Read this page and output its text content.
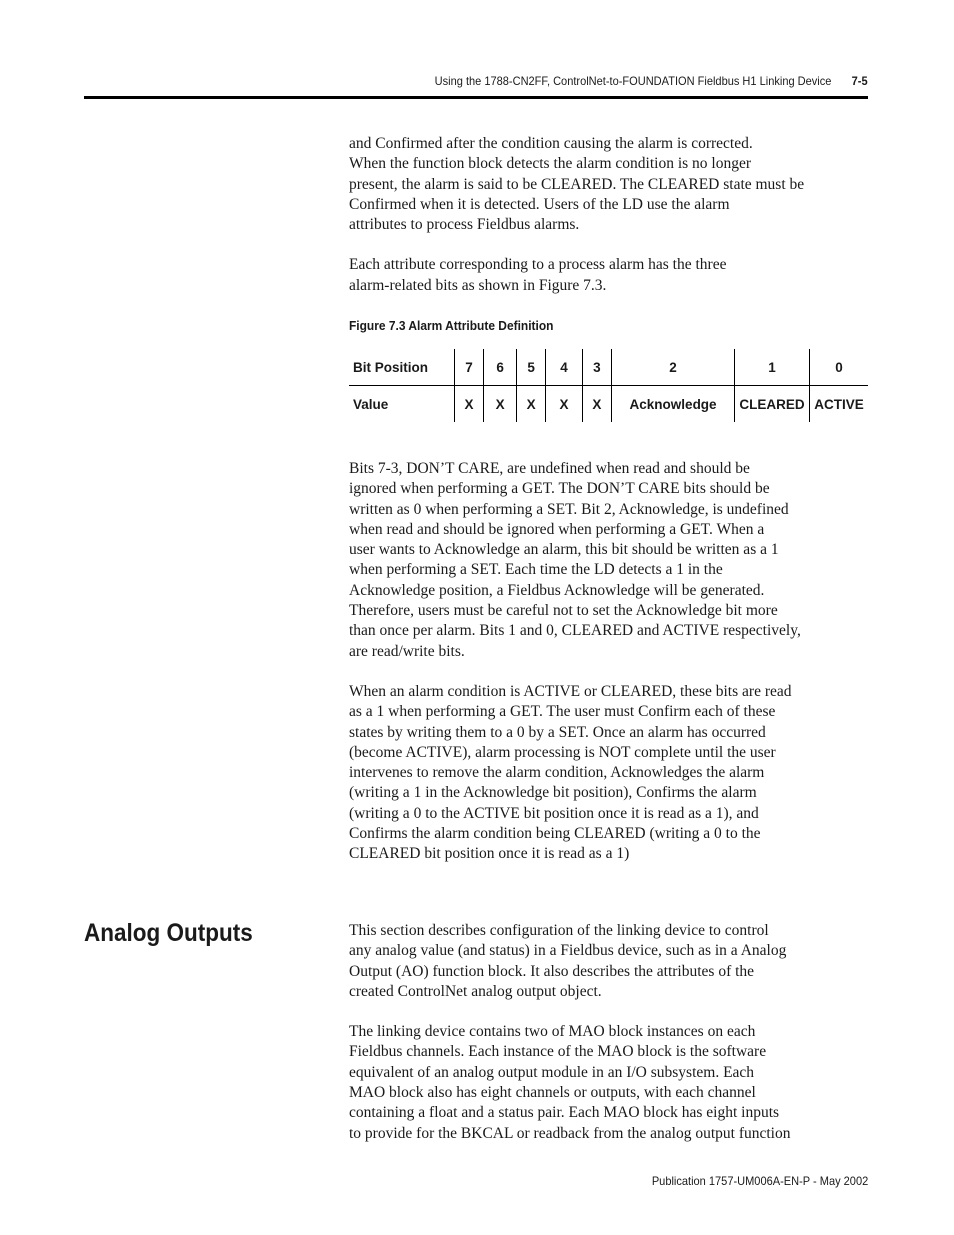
Using the 1788-CN2FF, ControlNet-to-FOUNDATION Fieldbus H1 Linking Device 7-5

and Confirmed after the condition causing the alarm is corrected.
When the function block detects the alarm condition is no longer
present, the alarm is said to be CLEARED. The CLEARED state must be
Confirmed when it is detected. Users of the LD use the alarm
attributes to process Fieldbus alarms.

Each attribute corresponding to a process alarm has the three
alarm-related bits as shown in Figure 7.3.

Figure 7.3 Alarm Attribute Definition
Bit Position	7	6	5	4	3	2	1	0
Value	X	X	X	X	X	Acknowledge	CLEARED	ACTIVE

Bits 7-3, DON’T CARE, are undefined when read and should be
ignored when performing a GET. The DON’T CARE bits should be
written as 0 when performing a SET. Bit 2, Acknowledge, is undefined
when read and should be ignored when performing a GET. When a
user wants to Acknowledge an alarm, this bit should be written as a 1
when performing a SET. Each time the LD detects a 1 in the
Acknowledge position, a Fieldbus Acknowledge will be generated.
Therefore, users must be careful not to set the Acknowledge bit more
than once per alarm. Bits 1 and 0, CLEARED and ACTIVE respectively,
are read/write bits.

When an alarm condition is ACTIVE or CLEARED, these bits are read
as a 1 when performing a GET. The user must Confirm each of these
states by writing them to a 0 by a SET. Once an alarm has occurred
(become ACTIVE), alarm processing is NOT complete until the user
intervenes to remove the alarm condition, Acknowledges the alarm
(writing a 1 in the Acknowledge bit position), Confirms the alarm
(writing a 0 to the ACTIVE bit position once it is read as a 1), and
Confirms the alarm condition being CLEARED (writing a 0 to the
CLEARED bit position once it is read as a 1)

Analog Outputs	This section describes configuration of the linking device to control
any analog value (and status) in a Fieldbus device, such as in a Analog
Output (AO) function block. It also describes the attributes of the
created ControlNet analog output object.

The linking device contains two of MAO block instances on each
Fieldbus channels. Each instance of the MAO block is the software
equivalent of an analog output module in an I/O subsystem. Each
MAO block also has eight channels or outputs, with each channel
containing a float and a status pair. Each MAO block has eight inputs
to provide for the BKCAL or readback from the analog output function

Publication 1757-UM006A-EN-P - May 2002
